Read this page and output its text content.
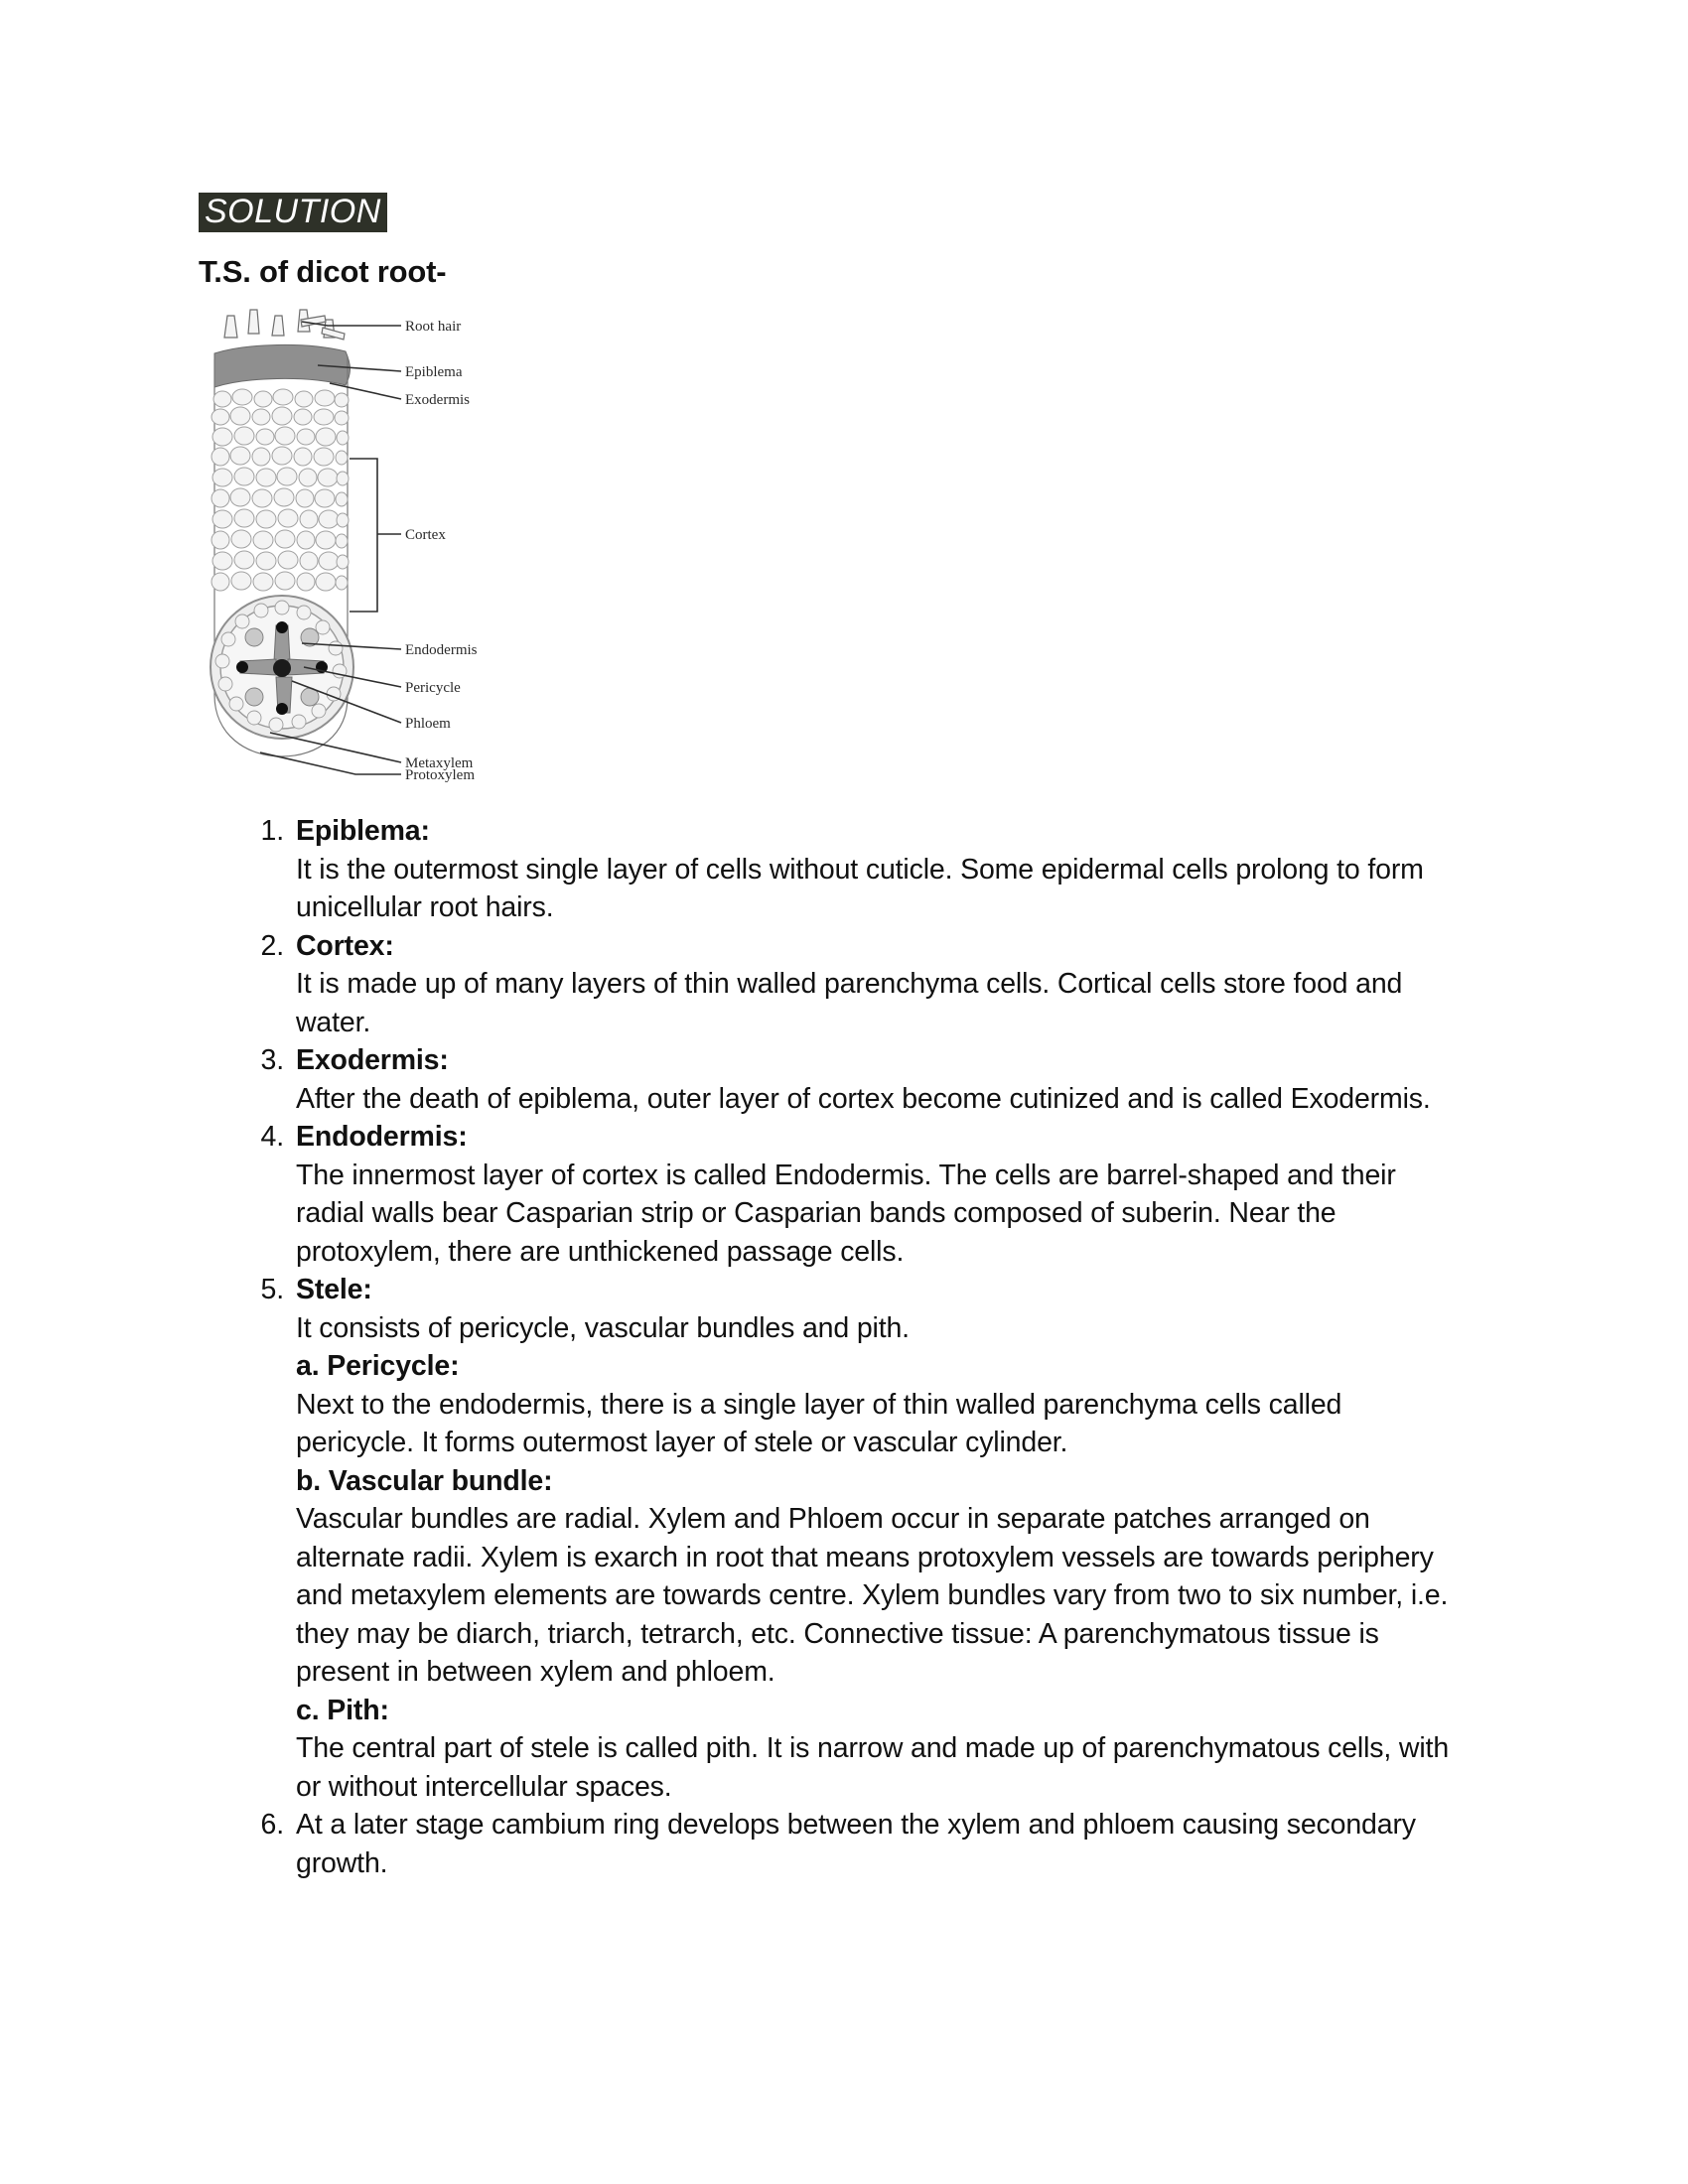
SOLUTION
T.S. of dicot root-
Root hair
Epiblema
Exodermis
Cortex
Endodermis
Pericycle
Phloem
Metaxylem
Protoxylem
1. Epiblema:
It is the outermost single layer of cells without cuticle. Some epidermal cells prolong to form unicellular root hairs.
2. Cortex:
It is made up of many layers of thin walled parenchyma cells. Cortical cells store food and water.
3. Exodermis:
After the death of epiblema, outer layer of cortex become cutinized and is called Exodermis.
4. Endodermis:
The innermost layer of cortex is called Endodermis. The cells are barrel-shaped and their radial walls bear Casparian strip or Casparian bands composed of suberin. Near the protoxylem, there are unthickened passage cells.
5. Stele:
It consists of pericycle, vascular bundles and pith.
a. Pericycle:
Next to the endodermis, there is a single layer of thin walled parenchyma cells called pericycle. It forms outermost layer of stele or vascular cylinder.
b. Vascular bundle:
Vascular bundles are radial. Xylem and Phloem occur in separate patches arranged on alternate radii. Xylem is exarch in root that means protoxylem vessels are towards periphery and metaxylem elements are towards centre. Xylem bundles vary from two to six number, i.e. they may be diarch, triarch, tetrarch, etc. Connective tissue: A parenchymatous tissue is present in between xylem and phloem.
c. Pith:
The central part of stele is called pith. It is narrow and made up of parenchymatous cells, with or without intercellular spaces.
6. At a later stage cambium ring develops between the xylem and phloem causing secondary growth.
